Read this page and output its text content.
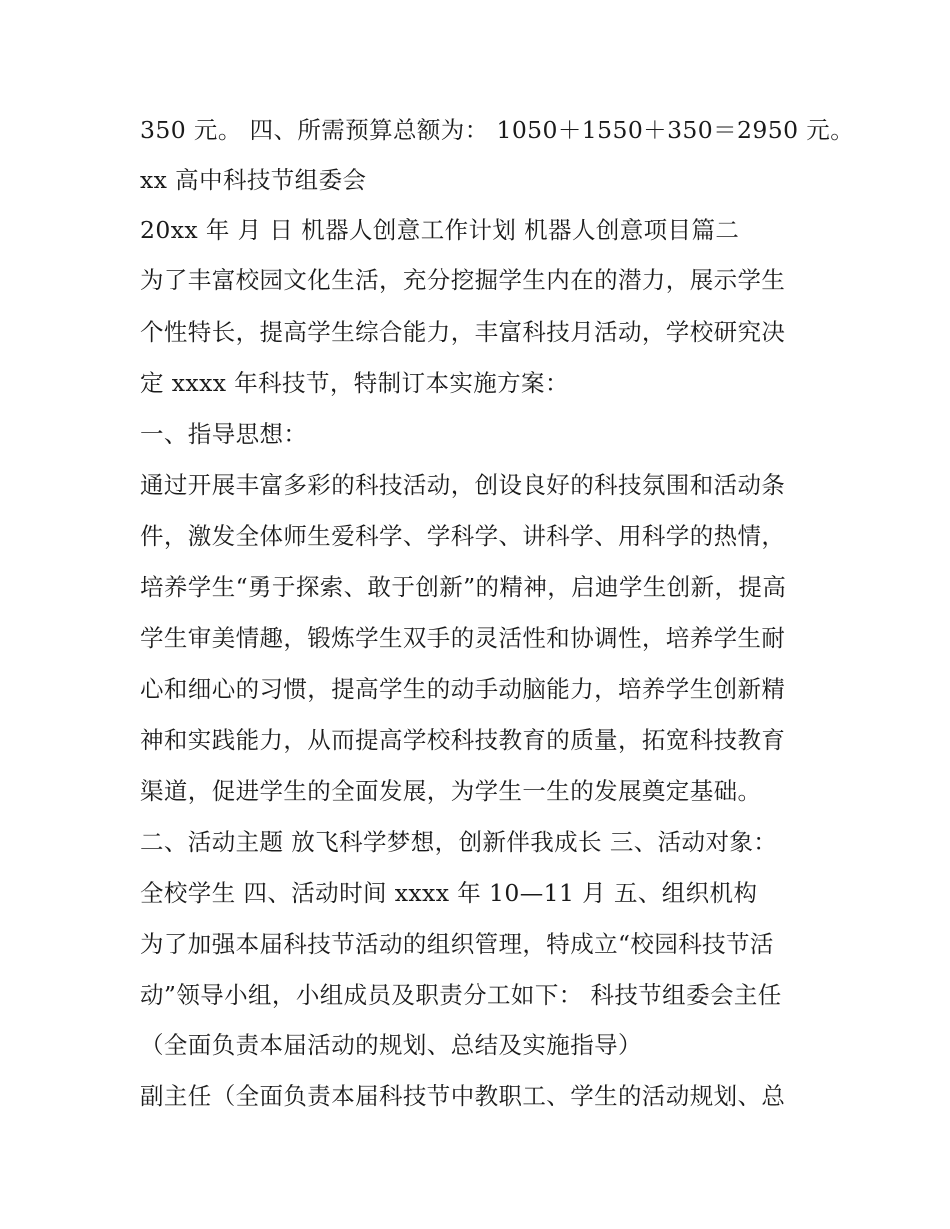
350 元。 四、所需预算总额为： 1050＋1550＋350＝2950 元。
xx 高中科技节组委会
20xx 年 月 日 机器人创意工作计划 机器人创意项目篇二
为了丰富校园文化生活，充分挖掘学生内在的潜力，展示学生
个性特长，提高学生综合能力，丰富科技月活动，学校研究决
定 xxxx 年科技节，特制订本实施方案：
一、指导思想：
通过开展丰富多彩的科技活动，创设良好的科技氛围和活动条
件，激发全体师生爱科学、学科学、讲科学、用科学的热情，
培养学生“勇于探索、敢于创新”的精神，启迪学生创新，提高
学生审美情趣，锻炼学生双手的灵活性和协调性，培养学生耐
心和细心的习惯，提高学生的动手动脑能力，培养学生创新精
神和实践能力，从而提高学校科技教育的质量，拓宽科技教育
渠道，促进学生的全面发展，为学生一生的发展奠定基础。
二、活动主题 放飞科学梦想，创新伴我成长 三、活动对象：
全校学生 四、活动时间 xxxx 年 10—11 月 五、组织机构
为了加强本届科技节活动的组织管理，特成立“校园科技节活
动”领导小组，小组成员及职责分工如下： 科技节组委会主任
（全面负责本届活动的规划、总结及实施指导）
副主任（全面负责本届科技节中教职工、学生的活动规划、总
